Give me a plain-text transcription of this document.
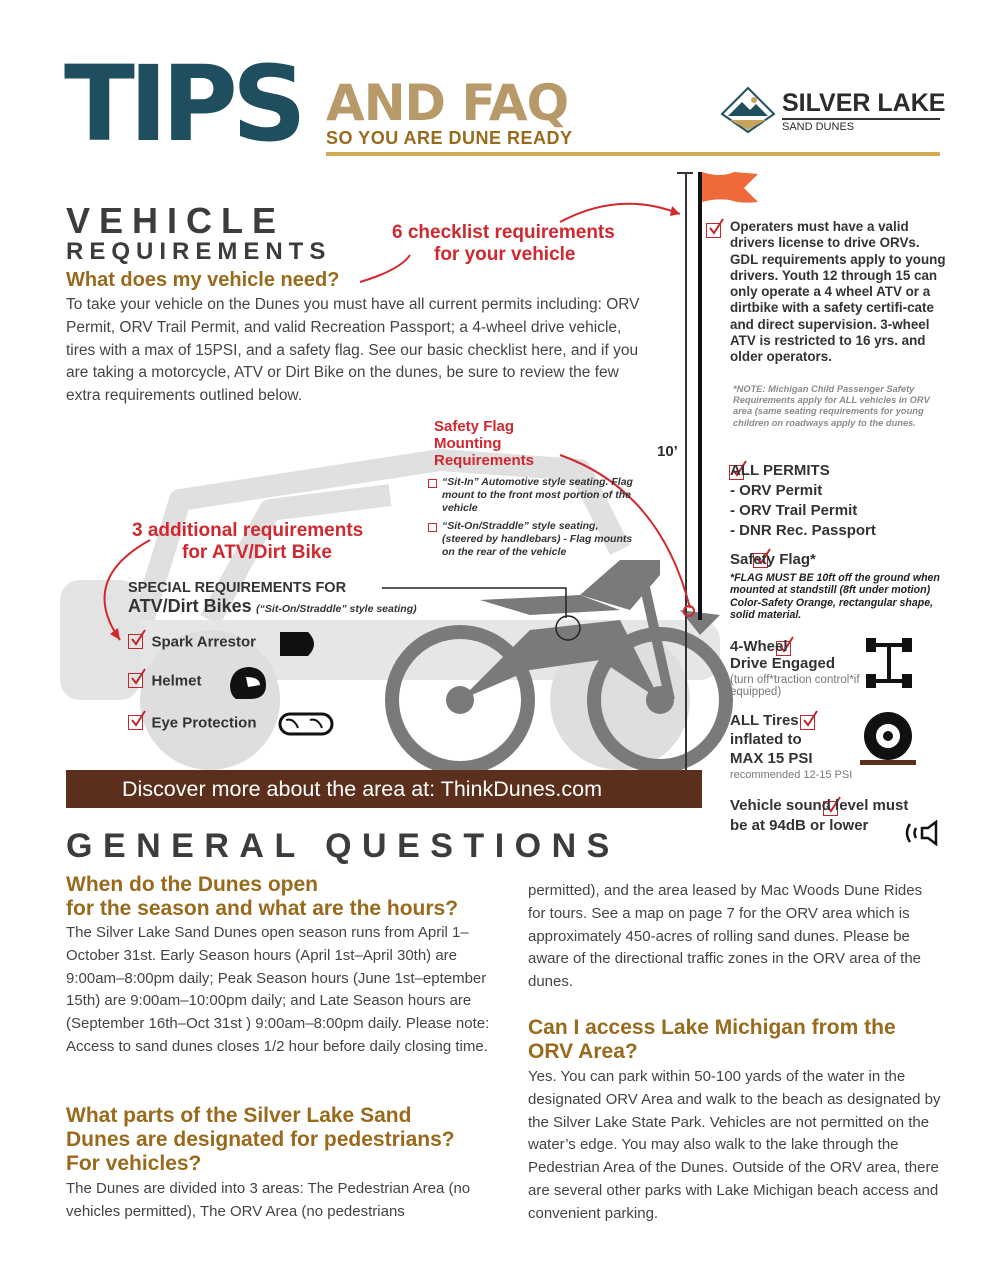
TIPS AND FAQ
SO YOU ARE DUNE READY
SILVER LAKE
SAND DUNES
10’
VEHICLE
REQUIREMENTS
What does my vehicle need?
6 checklist requirements
for your vehicle

To take your vehicle on the Dunes you must have all current permits including: ORV Permit, ORV Trail Permit, and valid Recreation Passport; a 4-wheel drive vehicle, tires with a max of 15PSI, and a safety flag. See our basic checklist here, and if you are taking a motorcycle, ATV or Dirt Bike on the dunes, be sure to review the few extra requirements outlined below.

Safety Flag
Mounting
Requirements
“Sit-In” Automotive style seating. Flag mount to the front most portion of the vehicle
“Sit-On/Straddle” style seating, (steered by handlebars) - Flag mounts on the rear of the vehicle
3 additional requirements
for ATV/Dirt Bike
SPECIAL REQUIREMENTS FOR
ATV/Dirt Bikes (“Sit-On/Straddle” style seating)
Spark Arrestor
Helmet
Eye Protection
Discover more about the area at: ThinkDunes.com

Operaters must have a valid drivers license to drive ORVs. GDL requirements apply to young drivers. Youth 12 through 15 can only operate a 4 wheel ATV or a dirtbike with a safety certifi-cate and direct supervision. 3-wheel ATV is restricted to 16 yrs. and older operators.

*NOTE: Michigan Child Passenger Safety Requirements apply for ALL vehicles in ORV area (same seating requirements for young children on roadways apply to the dunes.

ALL PERMITS
- ORV Permit
- ORV Trail Permit
- DNR Rec. Passport

Safety Flag*

*FLAG MUST BE 10ft off the ground when mounted at standstill (8ft under motion) Color-Safety Orange, rectangular shape, solid material.

4-Wheel
Drive Engaged

(turn off*traction control*if equipped)

ALL Tires
inflated to
MAX 15 PSI
recommended 12-15 PSI
Vehicle sound level must
be at 94dB or lower
GENERAL QUESTIONS
When do the Dunes open
for the season and what are the hours?

The Silver Lake Sand Dunes open season runs from April 1–October 31st. Early Season hours (April 1st–April 30th) are 9:00am–8:00pm daily; Peak Season hours (June 1st–eptember 15th) are 9:00am–10:00pm daily; and Late Season hours are (September 16th–Oct 31st ) 9:00am–8:00pm daily. Please note: Access to sand dunes closes 1/2 hour before daily closing time.

What parts of the Silver Lake Sand
Dunes are designated for pedestrians?
For vehicles?

The Dunes are divided into 3 areas: The Pedestrian Area (no vehicles permitted), The ORV Area (no pedestrians

permitted), and the area leased by Mac Woods Dune Rides for tours. See a map on page 7 for the ORV area which is approximately 450-acres of rolling sand dunes. Please be aware of the directional traffic zones in the ORV area of the dunes.

Can I access Lake Michigan from the
ORV Area?

Yes. You can park within 50-100 yards of the water in the designated ORV Area and walk to the beach as designated by the Silver Lake State Park. Vehicles are not permitted on the water’s edge. You may also walk to the lake through the Pedestrian Area of the Dunes. Outside of the ORV area, there are several other parks with Lake Michigan beach access and convenient parking.
